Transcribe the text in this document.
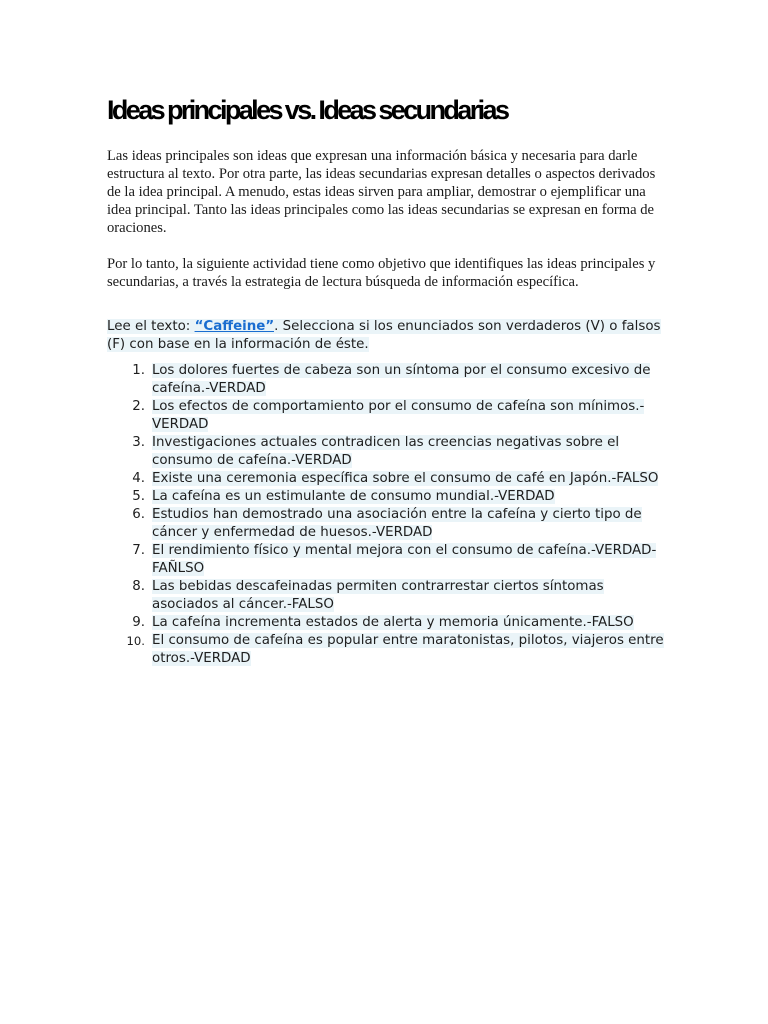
Ideas principales vs. Ideas secundarias

Las ideas principales son ideas que expresan una información básica y necesaria para darle estructura al texto. Por otra parte, las ideas secundarias expresan detalles o aspectos derivados de la idea principal. A menudo, estas ideas sirven para ampliar, demostrar o ejemplificar una idea principal. Tanto las ideas principales como las ideas secundarias se expresan en forma de oraciones.

Por lo tanto, la siguiente actividad tiene como objetivo que identifiques las ideas principales y secundarias, a través la estrategia de lectura búsqueda de información específica.

Lee el texto: “Caffeine”. Selecciona si los enunciados son verdaderos (V) o falsos (F) con base en la información de éste.
1. Los dolores fuertes de cabeza son un síntoma por el consumo excesivo de cafeína.-VERDAD
2. Los efectos de comportamiento por el consumo de cafeína son mínimos.-VERDAD
3. Investigaciones actuales contradicen las creencias negativas sobre el consumo de cafeína.-VERDAD
4. Existe una ceremonia específica sobre el consumo de café en Japón.-FALSO
5. La cafeína es un estimulante de consumo mundial.-VERDAD
6. Estudios han demostrado una asociación entre la cafeína y cierto tipo de cáncer y enfermedad de huesos.-VERDAD
7. El rendimiento físico y mental mejora con el consumo de cafeína.-VERDAD-FAÑLSO
8. Las bebidas descafeinadas permiten contrarrestar ciertos síntomas asociados al cáncer.-FALSO
9. La cafeína incrementa estados de alerta y memoria únicamente.-FALSO
10. El consumo de cafeína es popular entre maratonistas, pilotos, viajeros entre otros.-VERDAD
